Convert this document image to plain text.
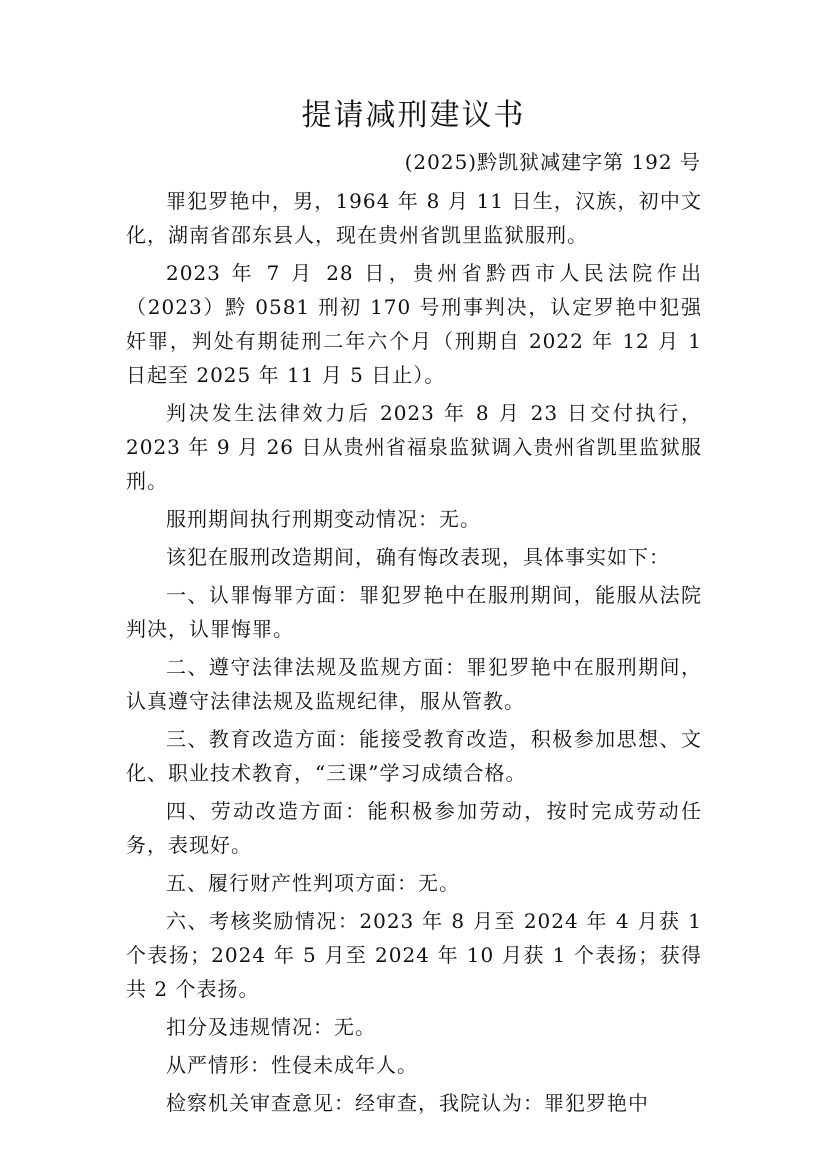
提请减刑建议书
(2025)黔凯狱减建字第 192 号

罪犯罗艳中，男，1964 年 8 月 11 日生，汉族，初中文化，湖南省邵东县人，现在贵州省凯里监狱服刑。

2023 年 7 月 28 日，贵州省黔西市人民法院作出（2023）黔 0581 刑初 170 号刑事判决，认定罗艳中犯强奸罪，判处有期徒刑二年六个月（刑期自 2022 年 12 月 1 日起至 2025 年 11 月 5 日止）。

判决发生法律效力后 2023 年 8 月 23 日交付执行，2023 年 9 月 26 日从贵州省福泉监狱调入贵州省凯里监狱服刑。

服刑期间执行刑期变动情况：无。

该犯在服刑改造期间，确有悔改表现，具体事实如下：

一、认罪悔罪方面：罪犯罗艳中在服刑期间，能服从法院判决，认罪悔罪。

二、遵守法律法规及监规方面：罪犯罗艳中在服刑期间，认真遵守法律法规及监规纪律，服从管教。

三、教育改造方面：能接受教育改造，积极参加思想、文化、职业技术教育，“三课”学习成绩合格。

四、劳动改造方面：能积极参加劳动，按时完成劳动任务，表现好。

五、履行财产性判项方面：无。

六、考核奖励情况：2023 年 8 月至 2024 年 4 月获 1 个表扬；2024 年 5 月至 2024 年 10 月获 1 个表扬；获得共 2 个表扬。

扣分及违规情况：无。

从严情形：性侵未成年人。

检察机关审查意见：经审查，我院认为：罪犯罗艳中
